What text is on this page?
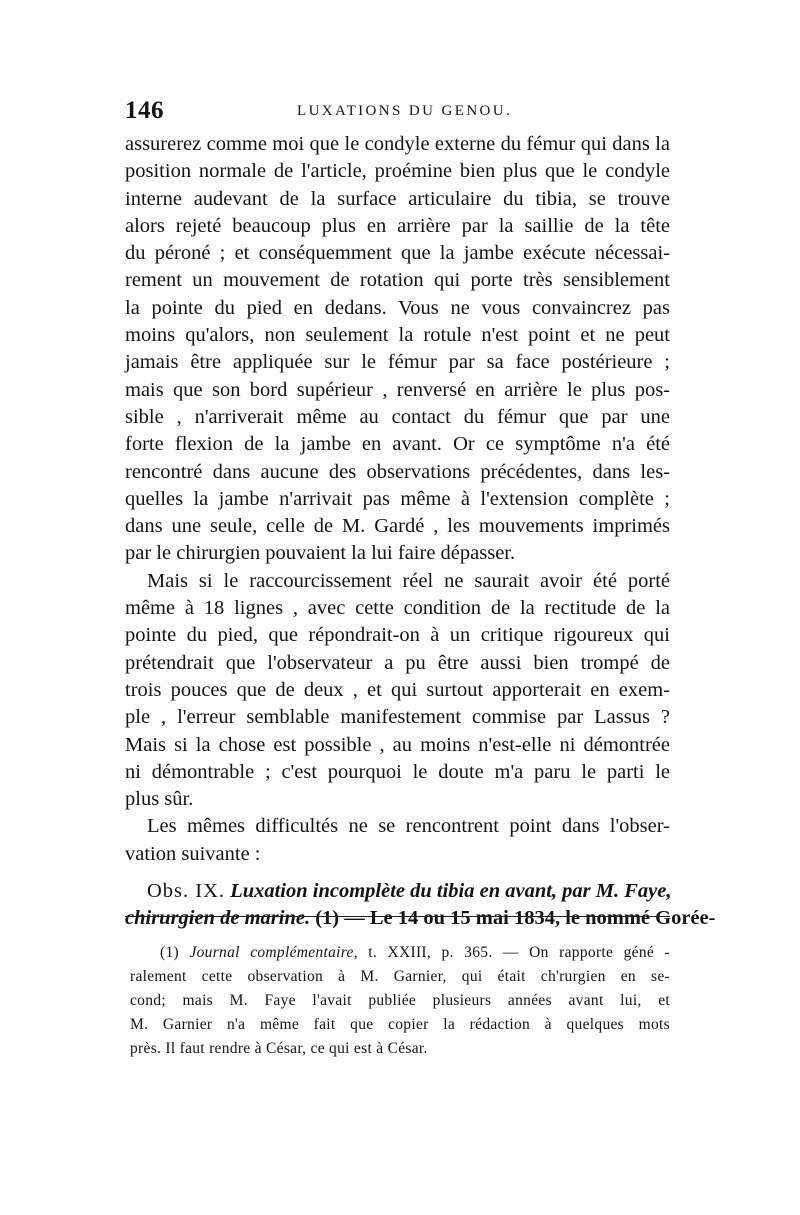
146	LUXATIONS DU GENOU.
assurerez comme moi que le condyle externe du fémur qui dans la
position normale de l'article, proémine bien plus que le condyle
interne audevant de la surface articulaire du tibia, se trouve
alors rejeté beaucoup plus en arrière par la saillie de la tête
du péroné ; et conséquemment que la jambe exécute nécessai-
rement un mouvement de rotation qui porte très sensiblement
la pointe du pied en dedans. Vous ne vous convaincrez pas
moins qu'alors, non seulement la rotule n'est point et ne peut
jamais être appliquée sur le fémur par sa face postérieure ;
mais que son bord supérieur , renversé en arrière le plus pos-
sible , n'arriverait même au contact du fémur que par une
forte flexion de la jambe en avant. Or ce symptôme n'a été
rencontré dans aucune des observations précédentes, dans les-
quelles la jambe n'arrivait pas même à l'extension complète ;
dans une seule, celle de M. Gardé , les mouvements imprimés
par le chirurgien pouvaient la lui faire dépasser.
Mais si le raccourcissement réel ne saurait avoir été porté
même à 18 lignes , avec cette condition de la rectitude de la
pointe du pied, que répondrait-on à un critique rigoureux qui
prétendrait que l'observateur a pu être aussi bien trompé de
trois pouces que de deux , et qui surtout apporterait en exem-
ple , l'erreur semblable manifestement commise par Lassus ?
Mais si la chose est possible , au moins n'est-elle ni démontrée
ni démontrable ; c'est pourquoi le doute m'a paru le parti le
plus sûr.
Les mêmes difficultés ne se rencontrent point dans l'obser-
vation suivante :
Obs. IX. Luxation incomplète du tibia en avant, par M. Faye,
chirurgien de marine. (1) — Le 14 ou 15 mai 1834, le nommé Gorée-
(1) Journal complémentaire, t. XXIII, p. 365. — On rapporte géné -
ralement cette observation à M. Garnier, qui était ch'rurgien en se-
cond; mais M. Faye l'avait publiée plusieurs années avant lui, et
M. Garnier n'a même fait que copier la rédaction à quelques mots
près. Il faut rendre à César, ce qui est à César.
